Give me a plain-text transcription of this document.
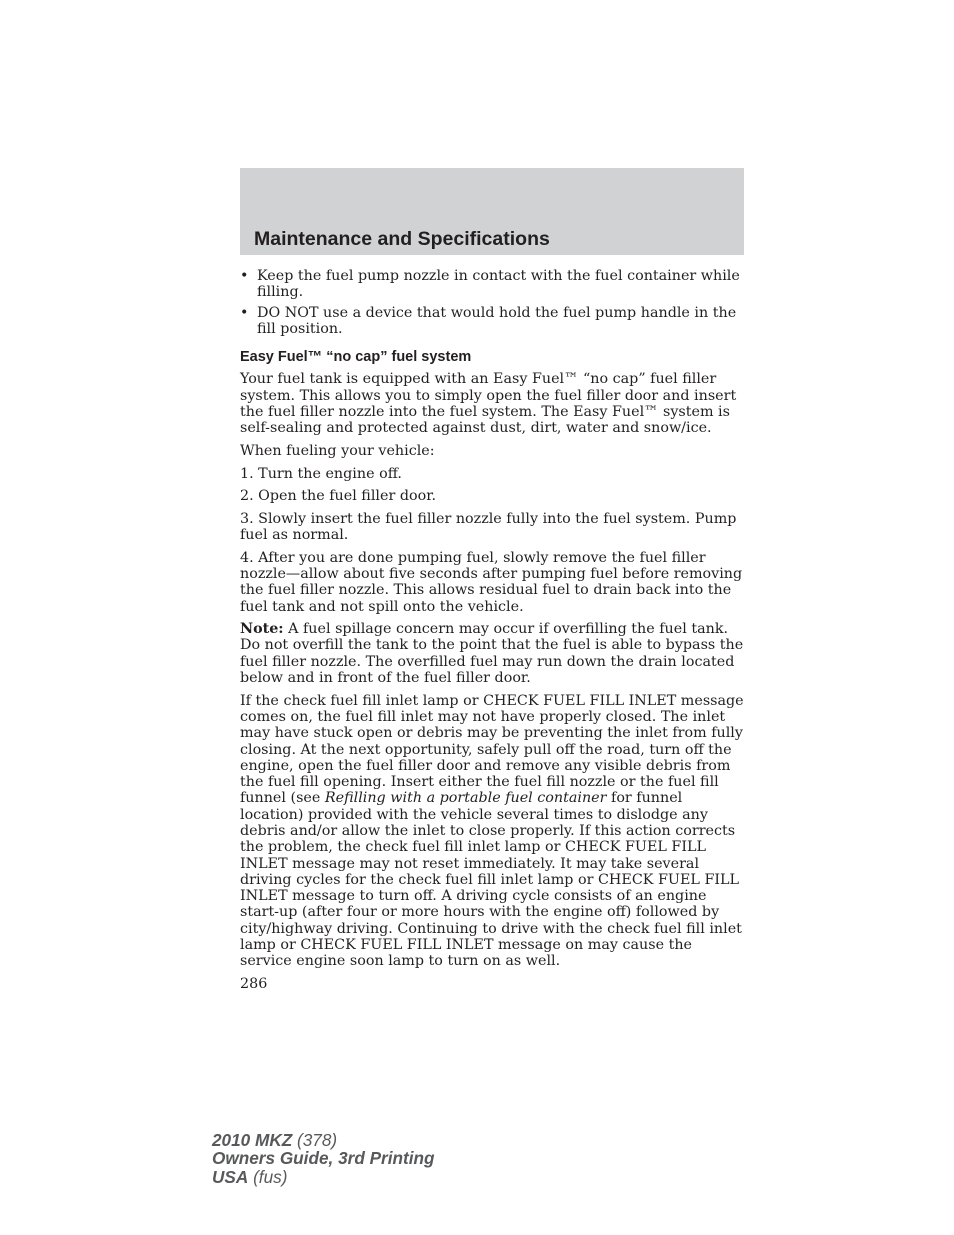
Maintenance and Specifications
• Keep the fuel pump nozzle in contact with the fuel container while filling.
• DO NOT use a device that would hold the fuel pump handle in the fill position.
Easy Fuel™ “no cap” fuel system

Your fuel tank is equipped with an Easy Fuel™ “no cap” fuel filler system. This allows you to simply open the fuel filler door and insert the fuel filler nozzle into the fuel system. The Easy Fuel™ system is self-sealing and protected against dust, dirt, water and snow/ice.

When fueling your vehicle:

1. Turn the engine off.

2. Open the fuel filler door.

3. Slowly insert the fuel filler nozzle fully into the fuel system. Pump fuel as normal.

4. After you are done pumping fuel, slowly remove the fuel filler nozzle—allow about five seconds after pumping fuel before removing the fuel filler nozzle. This allows residual fuel to drain back into the fuel tank and not spill onto the vehicle.

Note: A fuel spillage concern may occur if overfilling the fuel tank. Do not overfill the tank to the point that the fuel is able to bypass the fuel filler nozzle. The overfilled fuel may run down the drain located below and in front of the fuel filler door.

If the check fuel fill inlet lamp or CHECK FUEL FILL INLET message comes on, the fuel fill inlet may not have properly closed. The inlet may have stuck open or debris may be preventing the inlet from fully closing. At the next opportunity, safely pull off the road, turn off the engine, open the fuel filler door and remove any visible debris from the fuel fill opening. Insert either the fuel fill nozzle or the fuel fill funnel (see Refilling with a portable fuel container for funnel location) provided with the vehicle several times to dislodge any debris and/or allow the inlet to close properly. If this action corrects the problem, the check fuel fill inlet lamp or CHECK FUEL FILL INLET message may not reset immediately. It may take several driving cycles for the check fuel fill inlet lamp or CHECK FUEL FILL INLET message to turn off. A driving cycle consists of an engine start-up (after four or more hours with the engine off) followed by city/highway driving. Continuing to drive with the check fuel fill inlet lamp or CHECK FUEL FILL INLET message on may cause the service engine soon lamp to turn on as well.

286
2010 MKZ (378)
Owners Guide, 3rd Printing
USA (fus)
